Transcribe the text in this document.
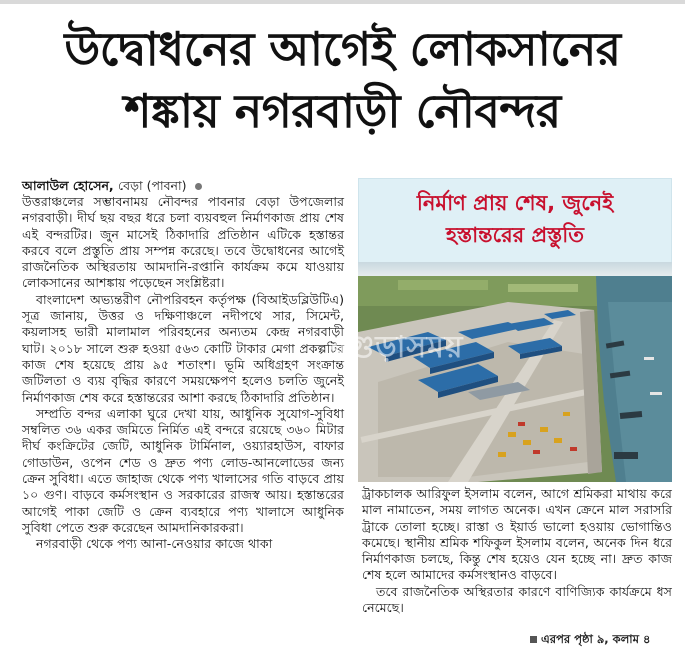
উদ্বোধনের আগেই লোকসানের
শঙ্কায় নগরবাড়ী নৌবন্দর
আলাউল হোসেন, বেড়া (পাবনা)

উত্তরাঞ্চলের সম্ভাবনাময় নৌবন্দর পাবনার বেড়া উপজেলার নগরবাড়ী। দীর্ঘ ছয় বছর ধরে চলা ব্যয়বহুল নির্মাণকাজ প্রায় শেষ এই বন্দরটির। জুন মাসেই ঠিকাদারি প্রতিষ্ঠান এটিকে হস্তান্তর করবে বলে প্রস্তুতি প্রায় সম্পন্ন করেছে। তবে উদ্বোধনের আগেই রাজনৈতিক অস্থিরতায় আমদানি-রপ্তানি কার্যক্রম কমে যাওয়ায় লোকসানের আশঙ্কায় পড়েছেন সংশ্লিষ্টরা।

বাংলাদেশ অভ্যন্তরীণ নৌপরিবহন কর্তৃপক্ষ (বিআইডব্লিউটিএ) সূত্র জানায়, উত্তর ও দক্ষিণাঞ্চলে নদীপথে সার, সিমেন্ট, কয়লাসহ ভারী মালামাল পরিবহনের অন্যতম কেন্দ্র নগরবাড়ী ঘাট। ২০১৮ সালে শুরু হওয়া ৫৬৩ কোটি টাকার মেগা প্রকল্পটির কাজ শেষ হয়েছে প্রায় ৯৫ শতাংশ। ভূমি অধিগ্রহণ সংক্রান্ত জটিলতা ও ব্যয় বৃদ্ধির কারণে সময়ক্ষেপণ হলেও চলতি জুনেই নির্মাণকাজ শেষ করে হস্তান্তরের আশা করছে ঠিকাদারি প্রতিষ্ঠান।

সম্প্রতি বন্দর এলাকা ঘুরে দেখা যায়, আধুনিক সুযোগ-সুবিধা সম্বলিত ৩৬ একর জমিতে নির্মিত এই বন্দরে রয়েছে ৩৬০ মিটার দীর্ঘ কংক্রিটের জেটি, আধুনিক টার্মিনাল, ওয়্যারহাউস, বাফার গোডাউন, ওপেন শেড ও দ্রুত পণ্য লোড-আনলোডের জন্য ক্রেন সুবিধা। এতে জাহাজ থেকে পণ্য খালাসের গতি বাড়বে প্রায় ১০ গুণ। বাড়বে কর্মসংস্থান ও সরকারের রাজস্ব আয়। হস্তান্তরের আগেই পাকা জেটি ও ক্রেন ব্যবহারে পণ্য খালাসে আধুনিক সুবিধা পেতে শুরু করেছেন আমদানিকারকরা।

নগরবাড়ী থেকে পণ্য আনা-নেওয়ার কাজে থাকা

নির্মাণ প্রায় শেষ, জুনেই
হস্তান্তরের প্রস্তুতি
বগুড়াসময়

ট্রাকচালক আরিফুল ইসলাম বলেন, আগে শ্রমিকরা মাথায় করে মাল নামাতেন, সময় লাগত অনেক। এখন ক্রেনে মাল সরাসরি ট্রাকে তোলা হচ্ছে। রাস্তা ও ইয়ার্ড ভালো হওয়ায় ভোগান্তিও কমেছে। স্থানীয় শ্রমিক শফিকুল ইসলাম বলেন, অনেক দিন ধরে নির্মাণকাজ চলছে, কিন্তু শেষ হয়েও যেন হচ্ছে না। দ্রুত কাজ শেষ হলে আমাদের কর্মসংস্থানও বাড়বে।

তবে রাজনৈতিক অস্থিরতার কারণে বাণিজ্যিক কার্যক্রমে ধস নেমেছে।

এরপর পৃষ্ঠা ৯, কলাম ৪
